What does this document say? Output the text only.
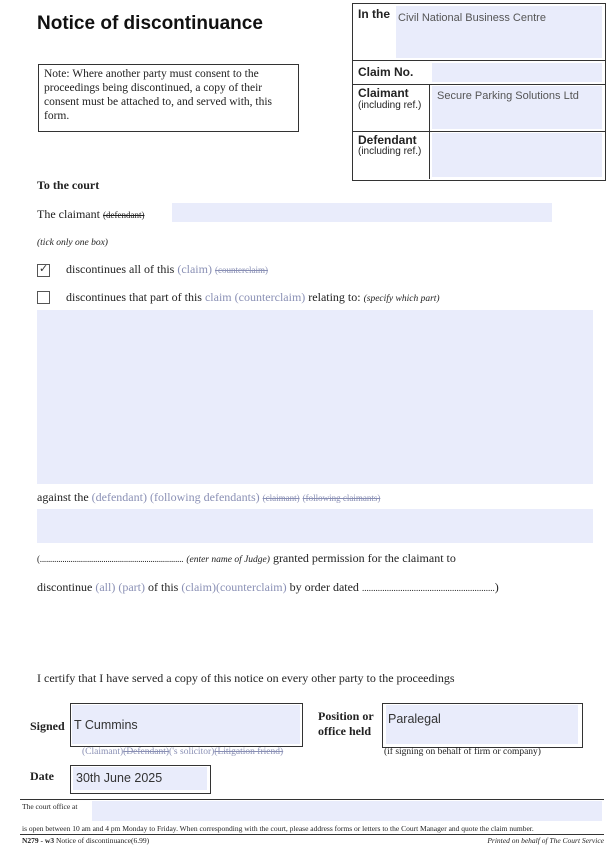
Notice of discontinuance
Note: Where another party must consent to the proceedings being discontinued, a copy of their consent must be attached to, and served with, this form.
In the Civil National Business Centre
Claim No.
Claimant
(including ref.)
Secure Parking Solutions Ltd
Defendant
(including ref.)
To the court
The claimant (defendant)
(tick only one box)
✓ discontinues all of this (claim) (counterclaim)
discontinues that part of this claim (counterclaim) relating to: (specify which part)
against the (defendant) (following defendants) (claimant) (following claimants)
(...................................................................... (enter name of Judge) granted permission for the claimant to
discontinue (all) (part) of this (claim)(counterclaim) by order dated ...........................................................)
I certify that I have served a copy of this notice on every other party to the proceedings
Signed T Cummins
(Claimant)(Defendant)('s solicitor)(Litigation friend)
Position or
office held
Paralegal
(if signing on behalf of firm or company)
Date 30th June 2025
The court office at
is open between 10 am and 4 pm Monday to Friday. When corresponding with the court, please address forms or letters to the Court Manager and quote the claim number.
N279 - w3 Notice of discontinuance(6.99)	Printed on behalf of The Court Service
